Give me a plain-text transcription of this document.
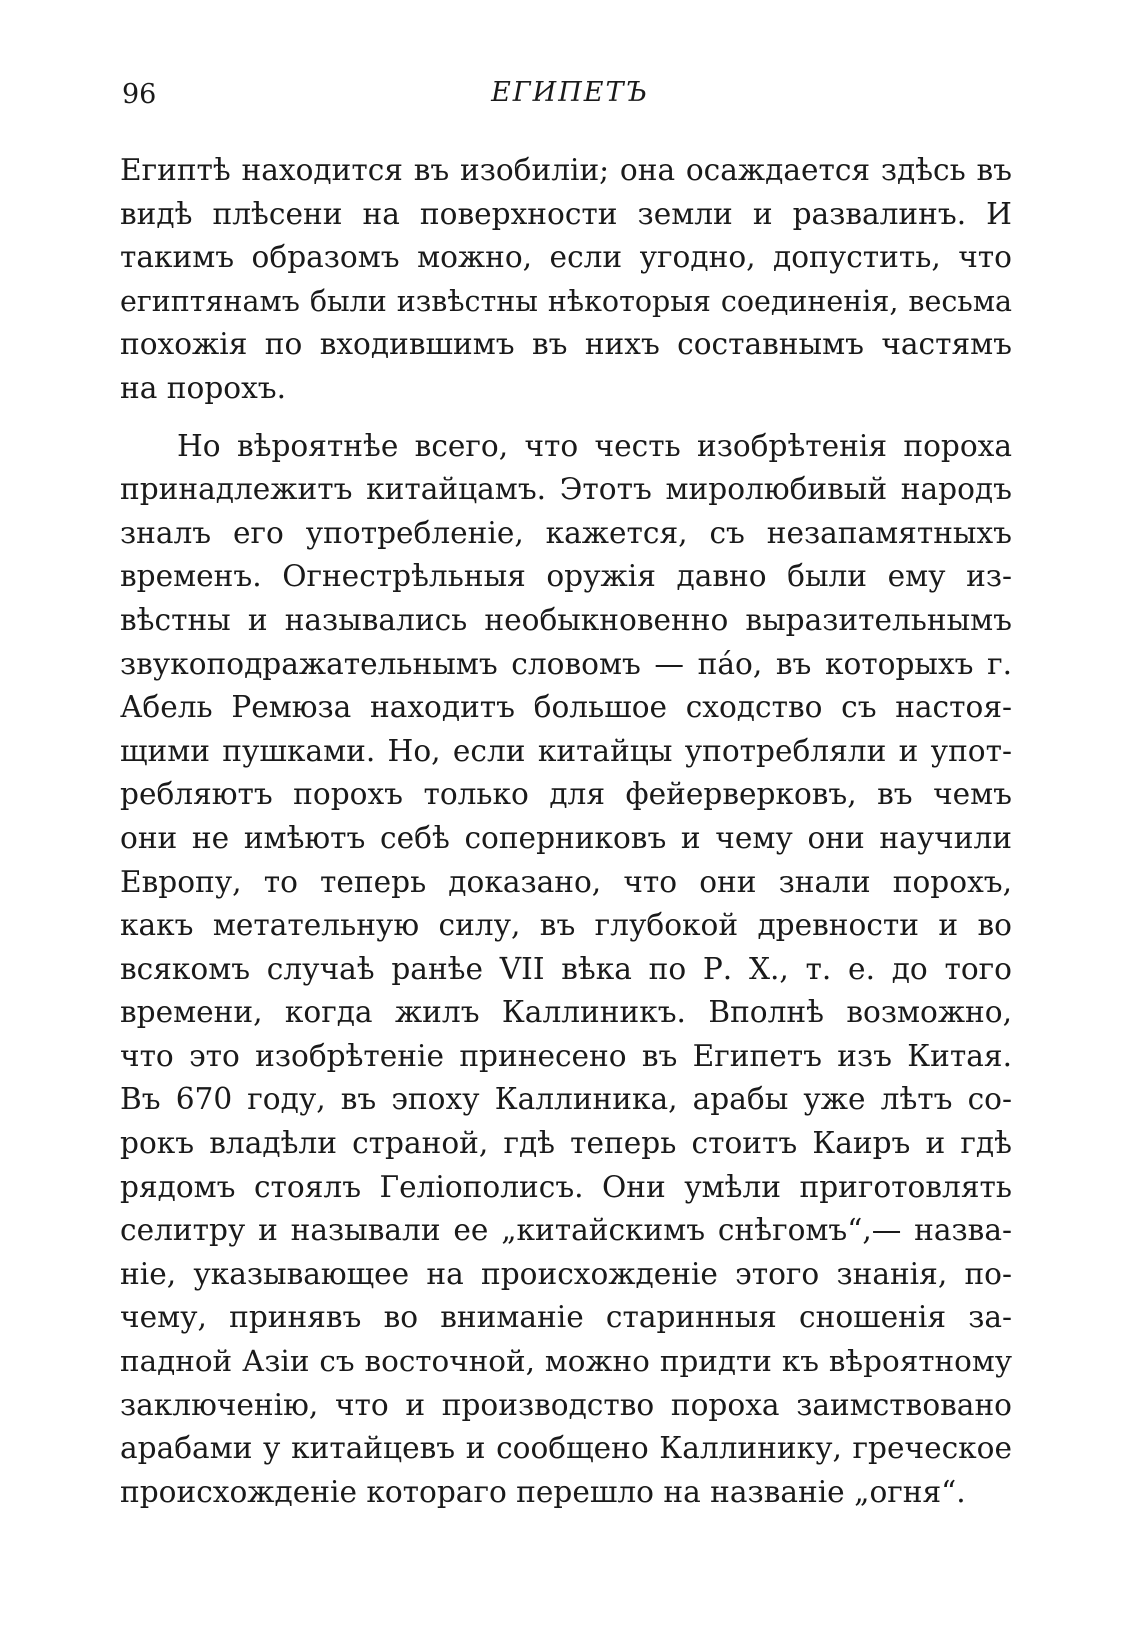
96	ЕГИПЕТЪ
Египтѣ находится въ изобиліи; она осаждается здѣсь въ
видѣ плѣсени на поверхности земли и развалинъ. И
такимъ образомъ можно, если угодно, допустить, что
египтянамъ были извѣстны нѣкоторыя соединенія, весьма
похожія по входившимъ въ нихъ составнымъ частямъ
на порохъ.
Но вѣроятнѣе всего, что честь изобрѣтенія пороха
принадлежитъ китайцамъ. Этотъ миролюбивый народъ
зналъ его употребленіе, кажется, съ незапамятныхъ
временъ. Огнестрѣльныя оружія давно были ему из-
вѣстны и назывались необыкновенно выразительнымъ
звукоподражательнымъ словомъ — пáо, въ которыхъ г.
Абель Ремюза находитъ большое сходство съ настоя-
щими пушками. Но, если китайцы употребляли и упот-
ребляютъ порохъ только для фейерверковъ, въ чемъ
они не имѣютъ себѣ соперниковъ и чему они научили
Европу, то теперь доказано, что они знали порохъ,
какъ метательную силу, въ глубокой древности и во
всякомъ случаѣ ранѣе VII вѣка по Р. Х., т. е. до того
времени, когда жилъ Каллиникъ. Вполнѣ возможно,
что это изобрѣтеніе принесено въ Египетъ изъ Китая.
Въ 670 году, въ эпоху Каллиника, арабы уже лѣтъ со-
рокъ владѣли страной, гдѣ теперь стоитъ Каиръ и гдѣ
рядомъ стоялъ Геліополисъ. Они умѣли приготовлять
селитру и называли ее „китайскимъ снѣгомъ“,— назва-
ніе, указывающее на происхожденіе этого знанія, по-
чему, принявъ во вниманіе старинныя сношенія за-
падной Азіи съ восточной, можно придти къ вѣроятному
заключенію, что и производство пороха заимствовано
арабами у китайцевъ и сообщено Каллинику, греческое
происхожденіе котораго перешло на названіе „огня“.
